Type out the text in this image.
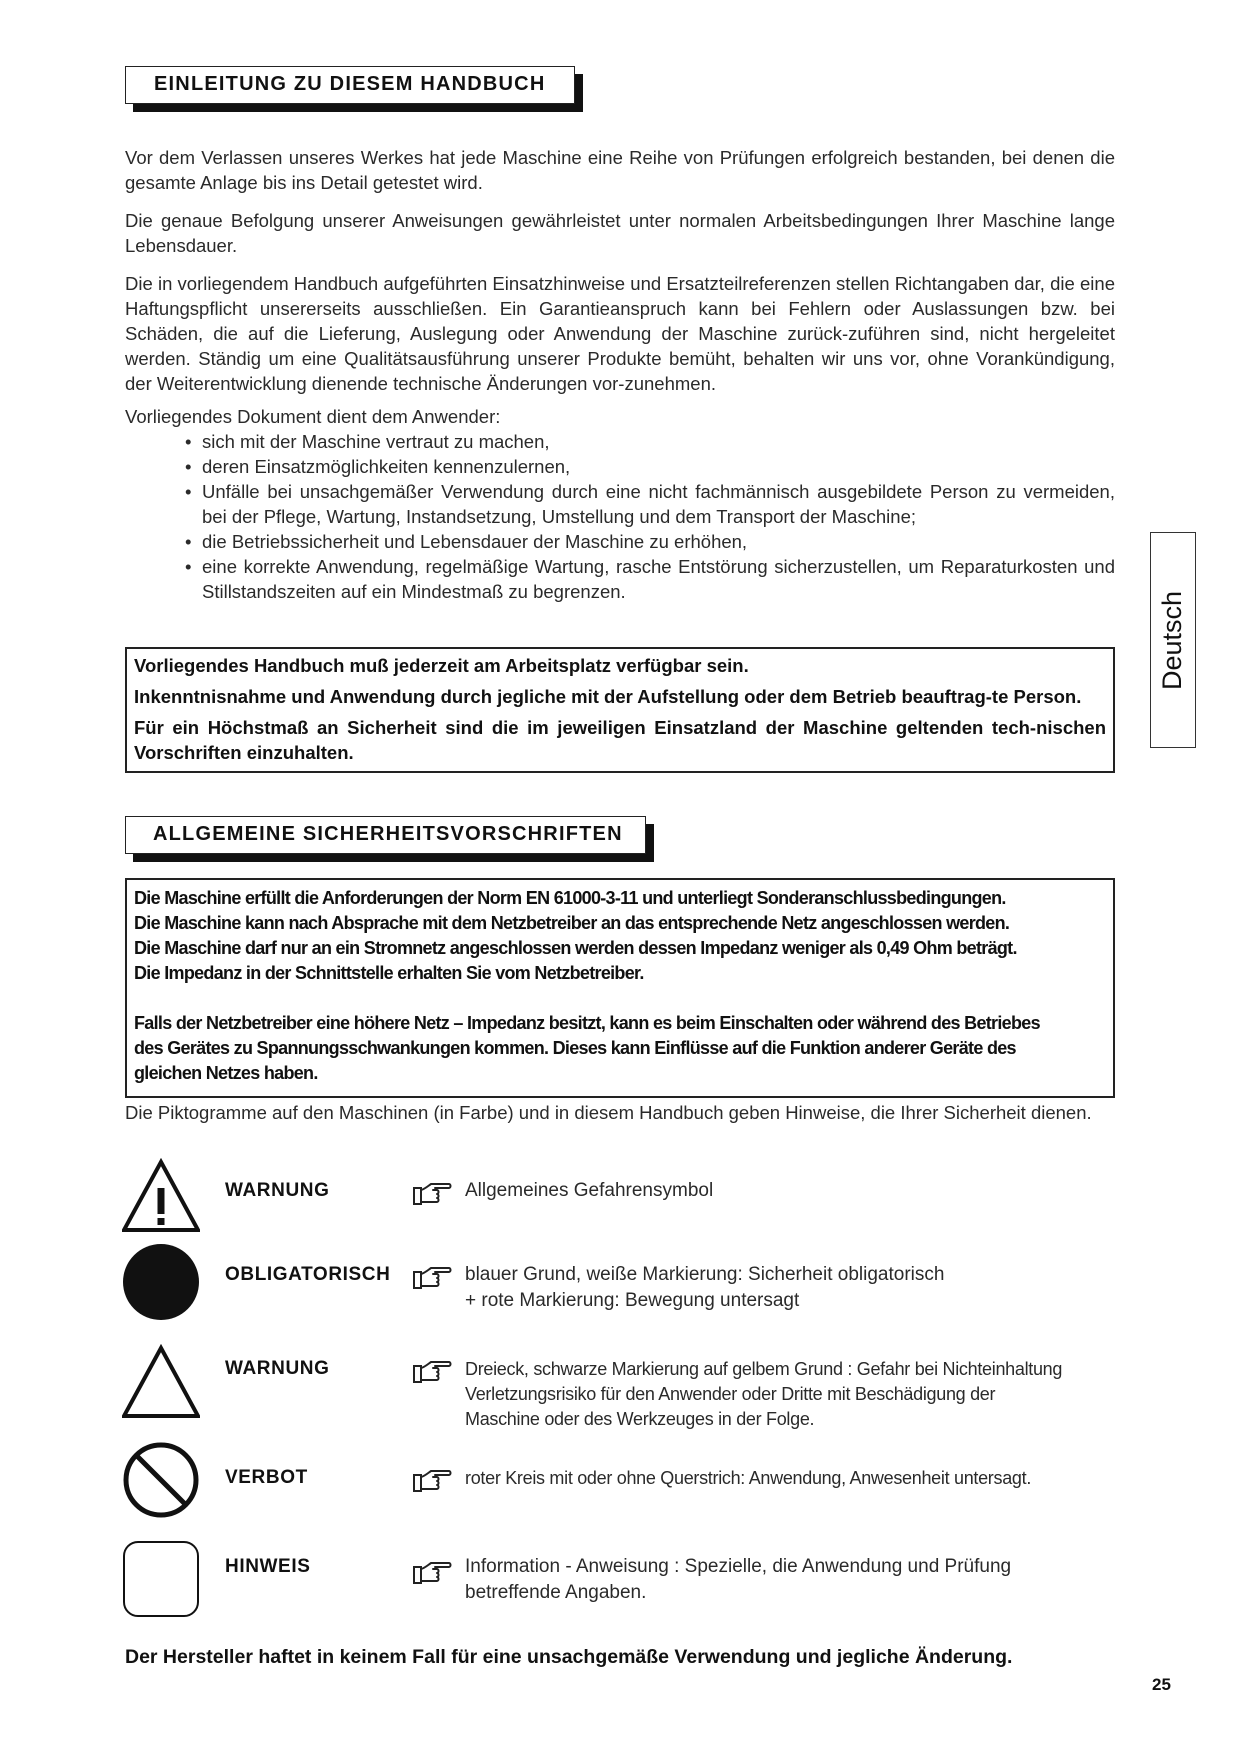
EINLEITUNG ZU DIESEM HANDBUCH

Vor dem Verlassen unseres Werkes hat jede Maschine eine Reihe von Prüfungen erfolgreich bestanden, bei denen die gesamte Anlage bis ins Detail getestet wird.

Die genaue Befolgung unserer Anweisungen gewährleistet unter normalen Arbeitsbedingungen Ihrer Maschine lange Lebensdauer.

Die in vorliegendem Handbuch aufgeführten Einsatzhinweise und Ersatzteilreferenzen stellen Richtangaben dar, die eine Haftungspflicht unsererseits ausschließen. Ein Garantieanspruch kann bei Fehlern oder Auslassungen bzw. bei Schäden, die auf die Lieferung, Auslegung oder Anwendung der Maschine zurück-zuführen sind, nicht hergeleitet werden. Ständig um eine Qualitätsausführung unserer Produkte bemüht, behalten wir uns vor, ohne Vorankündigung, der Weiterentwicklung dienende technische Änderungen vor-zunehmen.

Vorliegendes Dokument dient dem Anwender:
• sich mit der Maschine vertraut zu machen,
• deren Einsatzmöglichkeiten kennenzulernen,
• Unfälle bei unsachgemäßer Verwendung durch eine nicht fachmännisch ausgebildete Person zu vermeiden, bei der Pflege, Wartung, Instandsetzung, Umstellung und dem Transport der Maschine;
• die Betriebssicherheit und Lebensdauer der Maschine zu erhöhen,
• eine korrekte Anwendung, regelmäßige Wartung, rasche Entstörung sicherzustellen, um Reparaturkosten und Stillstandszeiten auf ein Mindestmaß zu begrenzen.

Vorliegendes Handbuch muß jederzeit am Arbeitsplatz verfügbar sein.

Inkenntnisnahme und Anwendung durch jegliche mit der Aufstellung oder dem Betrieb beauftrag-te Person.

Für ein Höchstmaß an Sicherheit sind die im jeweiligen Einsatzland der Maschine geltenden tech-nischen Vorschriften einzuhalten.

Deutsch
ALLGEMEINE SICHERHEITSVORSCHRIFTEN

Die Maschine erfüllt die Anforderungen der Norm EN 61000-3-11 und unterliegt Sonderanschlussbedingungen.

Die Maschine kann nach Absprache mit dem Netzbetreiber an das entsprechende Netz angeschlossen werden.

Die Maschine darf nur an ein Stromnetz angeschlossen werden dessen Impedanz weniger als 0,49 Ohm beträgt.

Die Impedanz in der Schnittstelle erhalten Sie vom Netzbetreiber.

Falls der Netzbetreiber eine höhere Netz – Impedanz besitzt, kann es beim Einschalten oder während des Betriebes

des Gerätes zu Spannungsschwankungen kommen. Dieses kann Einflüsse auf die Funktion anderer Geräte des

gleichen Netzes haben.

Die Piktogramme auf den Maschinen (in Farbe) und in diesem Handbuch geben Hinweise, die Ihrer Sicherheit dienen.

WARNUNG	Allgemeines Gefahrensymbol
OBLIGATORISCH	blauer Grund, weiße Markierung: Sicherheit obligatorisch
+ rote Markierung: Bewegung untersagt
WARNUNG	Dreieck, schwarze Markierung auf gelbem Grund : Gefahr bei Nichteinhaltung
Verletzungsrisiko für den Anwender oder Dritte mit Beschädigung der
Maschine oder des Werkzeuges in der Folge.
VERBOT	roter Kreis mit oder ohne Querstrich: Anwendung, Anwesenheit untersagt.
HINWEIS	Information - Anweisung : Spezielle, die Anwendung und Prüfung
betreffende Angaben.
Der Hersteller haftet in keinem Fall für eine unsachgemäße Verwendung und jegliche Änderung.
25
